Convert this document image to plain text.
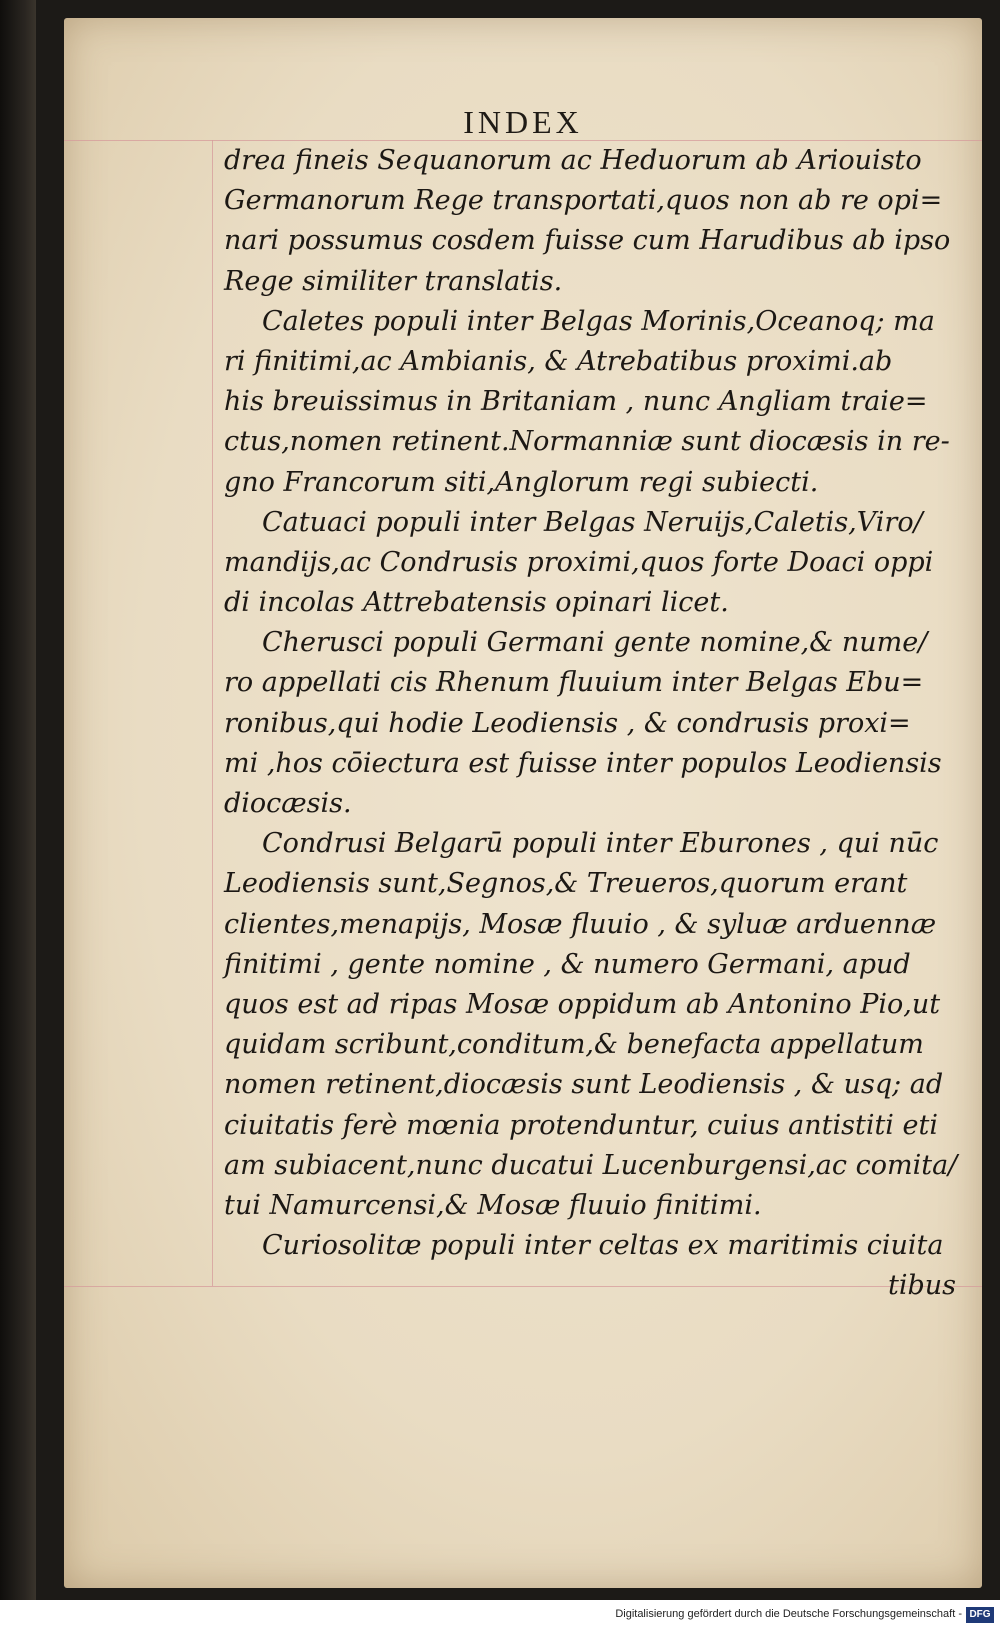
INDEX
drea fineis Sequanorum ac Heduorum ab Ariouisto
Germanorum Rege transportati,quos non ab re opi=
nari possumus cosdem fuisse cum Harudibus ab ipso
Rege similiter translatis.
Caletes populi inter Belgas Morinis,Oceanoq; ma
ri finitimi,ac Ambianis, & Atrebatibus proximi.ab
his breuissimus in Britaniam , nunc Angliam traie=
ctus,nomen retinent.Normanniæ sunt diocæsis in re-
gno Francorum siti,Anglorum regi subiecti.
Catuaci populi inter Belgas Neruijs,Caletis,Viro/
mandijs,ac Condrusis proximi,quos forte Doaci oppi
di incolas Attrebatensis opinari licet.
Cherusci populi Germani gente nomine,& nume/
ro appellati cis Rhenum fluuium inter Belgas Ebu=
ronibus,qui hodie Leodiensis , & condrusis proxi=
mi ,hos cōiectura est fuisse inter populos Leodiensis
diocæsis.
Condrusi Belgarū populi inter Eburones , qui nūc
Leodiensis sunt,Segnos,& Treueros,quorum erant
clientes,menapijs, Mosæ fluuio , & syluæ arduennæ
finitimi , gente nomine , & numero Germani, apud
quos est ad ripas Mosæ oppidum ab Antonino Pio,ut
quidam scribunt,conditum,& benefacta appellatum
nomen retinent,diocæsis sunt Leodiensis , & usq; ad
ciuitatis ferè mœnia protenduntur, cuius antistiti eti
am subiacent,nunc ducatui Lucenburgensi,ac comita/
tui Namurcensi,& Mosæ fluuio finitimi.
Curiosolitæ populi inter celtas ex maritimis ciuita
tibus
Digitalisierung gefördert durch die Deutsche Forschungsgemeinschaft - DFG
